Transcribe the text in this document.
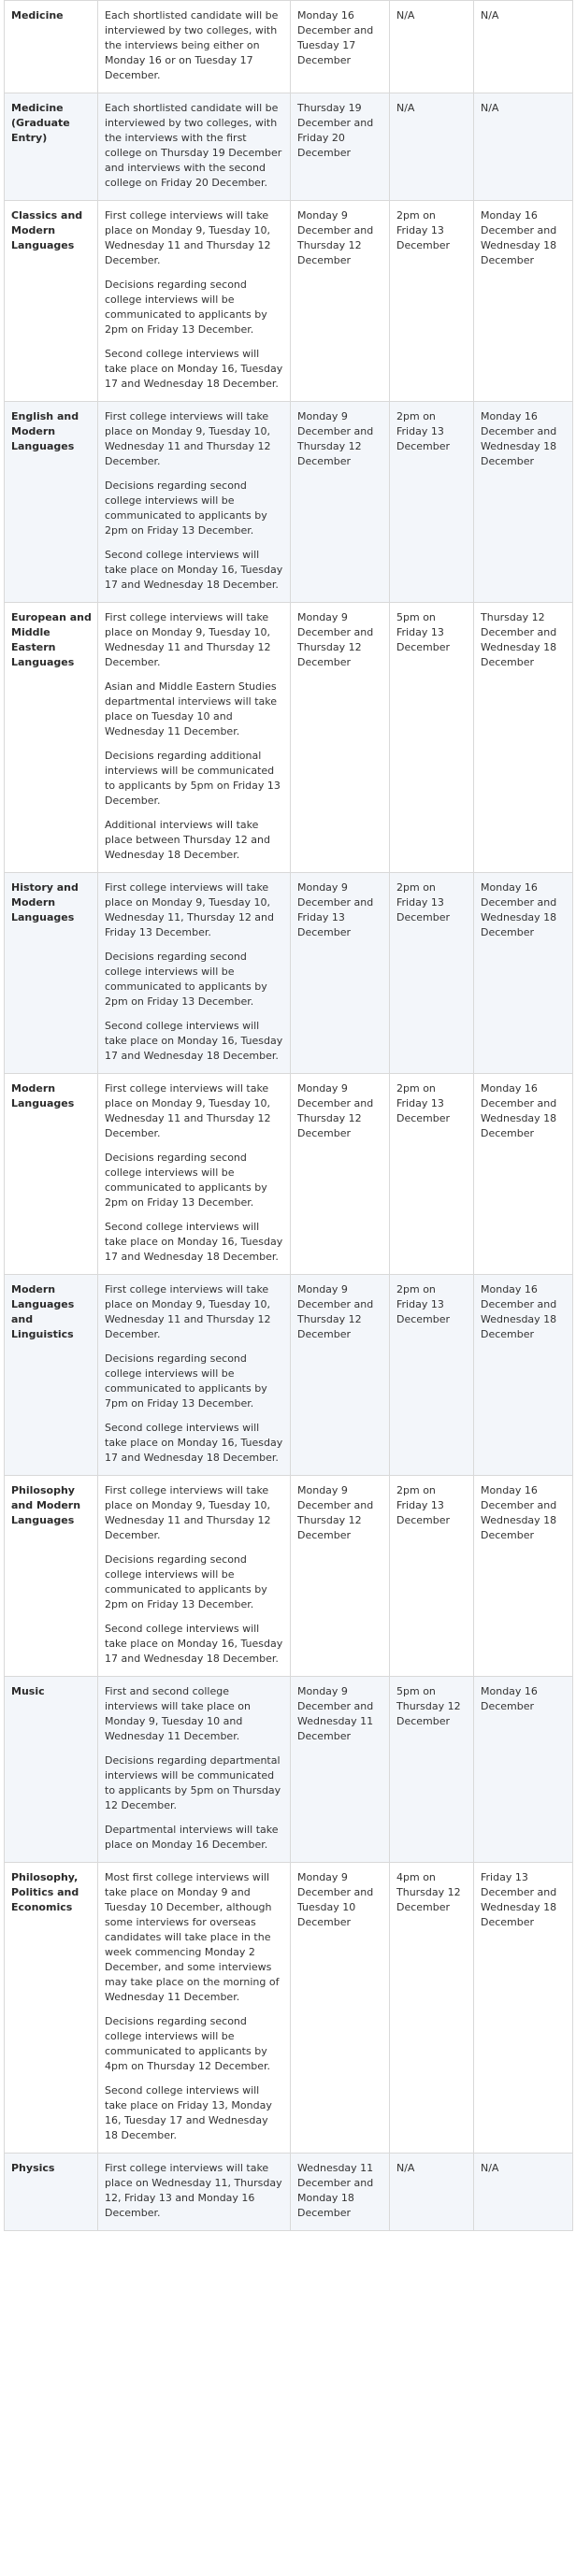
Medicine	Each shortlisted candidate will be interviewed by two colleges, with the interviews being either on Monday 16 or on Tuesday 17 December.	Monday 16 December and Tuesday 17 December	N/A	N/A
Medicine (Graduate Entry)	Each shortlisted candidate will be interviewed by two colleges, with the interviews with the first college on Thursday 19 December and interviews with the second college on Friday 20 December.	Thursday 19 December and Friday 20 December	N/A	N/A
Classics and Modern Languages	First college interviews will take place on Monday 9, Tuesday 10, Wednesday 11 and Thursday 12 December.

Decisions regarding second college interviews will be communicated to applicants by 2pm on Friday 13 December.

Second college interviews will take place on Monday 16, Tuesday 17 and Wednesday 18 December.	Monday 9 December and Thursday 12 December	2pm on Friday 13 December	Monday 16 December and Wednesday 18 December
English and Modern Languages	First college interviews will take place on Monday 9, Tuesday 10, Wednesday 11 and Thursday 12 December.

Decisions regarding second college interviews will be communicated to applicants by 2pm on Friday 13 December.

Second college interviews will take place on Monday 16, Tuesday 17 and Wednesday 18 December.	Monday 9 December and Thursday 12 December	2pm on Friday 13 December	Monday 16 December and Wednesday 18 December
European and Middle Eastern Languages	First college interviews will take place on Monday 9, Tuesday 10, Wednesday 11 and Thursday 12 December.

Asian and Middle Eastern Studies departmental interviews will take place on Tuesday 10 and Wednesday 11 December.

Decisions regarding additional interviews will be communicated to applicants by 5pm on Friday 13 December.

Additional interviews will take place between Thursday 12 and Wednesday 18 December.	Monday 9 December and Thursday 12 December	5pm on Friday 13 December	Thursday 12 December and Wednesday 18 December
History and Modern Languages	First college interviews will take place on Monday 9, Tuesday 10, Wednesday 11, Thursday 12 and Friday 13 December.

Decisions regarding second college interviews will be communicated to applicants by 2pm on Friday 13 December.

Second college interviews will take place on Monday 16, Tuesday 17 and Wednesday 18 December.	Monday 9 December and Friday 13 December	2pm on Friday 13 December	Monday 16 December and Wednesday 18 December
Modern Languages	First college interviews will take place on Monday 9, Tuesday 10, Wednesday 11 and Thursday 12 December.

Decisions regarding second college interviews will be communicated to applicants by 2pm on Friday 13 December.

Second college interviews will take place on Monday 16, Tuesday 17 and Wednesday 18 December.	Monday 9 December and Thursday 12 December	2pm on Friday 13 December	Monday 16 December and Wednesday 18 December
Modern Languages and Linguistics	First college interviews will take place on Monday 9, Tuesday 10, Wednesday 11 and Thursday 12 December.

Decisions regarding second college interviews will be communicated to applicants by 7pm on Friday 13 December.

Second college interviews will take place on Monday 16, Tuesday 17 and Wednesday 18 December.	Monday 9 December and Thursday 12 December	2pm on Friday 13 December	Monday 16 December and Wednesday 18 December
Philosophy and Modern Languages	First college interviews will take place on Monday 9, Tuesday 10, Wednesday 11 and Thursday 12 December.

Decisions regarding second college interviews will be communicated to applicants by 2pm on Friday 13 December.

Second college interviews will take place on Monday 16, Tuesday 17 and Wednesday 18 December.	Monday 9 December and Thursday 12 December	2pm on Friday 13 December	Monday 16 December and Wednesday 18 December
Music	First and second college interviews will take place on Monday 9, Tuesday 10 and Wednesday 11 December.

Decisions regarding departmental interviews will be communicated to applicants by 5pm on Thursday 12 December.

Departmental interviews will take place on Monday 16 December.	Monday 9 December and Wednesday 11 December	5pm on Thursday 12 December	Monday 16 December
Philosophy, Politics and Economics	Most first college interviews will take place on Monday 9 and Tuesday 10 December, although some interviews for overseas candidates will take place in the week commencing Monday 2 December, and some interviews may take place on the morning of Wednesday 11 December.

Decisions regarding second college interviews will be communicated to applicants by 4pm on Thursday 12 December.

Second college interviews will take place on Friday 13, Monday 16, Tuesday 17 and Wednesday 18 December.	Monday 9 December and Tuesday 10 December	4pm on Thursday 12 December	Friday 13 December and Wednesday 18 December
Physics	First college interviews will take place on Wednesday 11, Thursday 12, Friday 13 and Monday 16 December.	Wednesday 11 December and Monday 18 December	N/A	N/A
